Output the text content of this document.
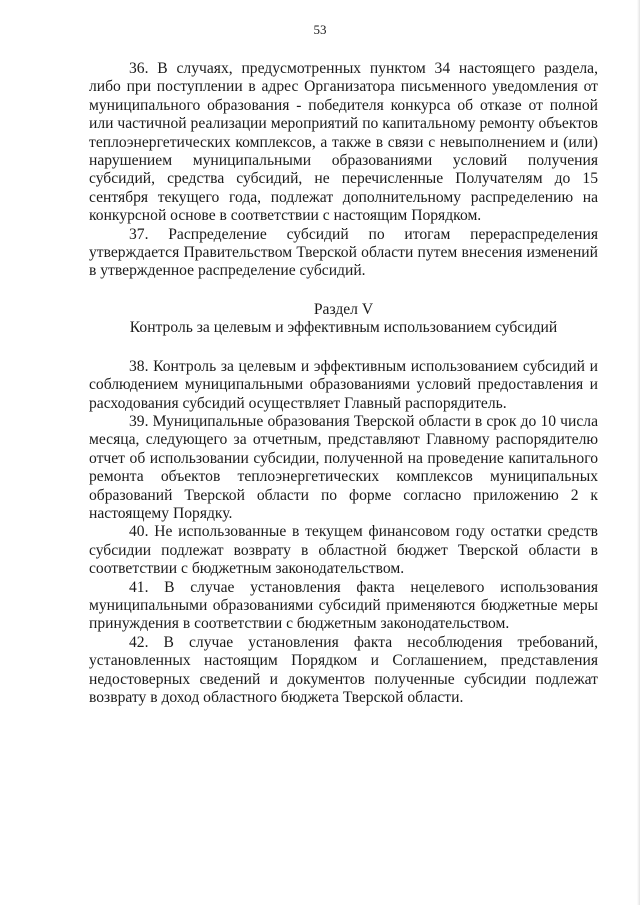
53

36. В случаях, предусмотренных пунктом 34 настоящего раздела, либо при поступлении в адрес Организатора письменного уведомления от муниципального образования - победителя конкурса об отказе от полной или частичной реализации мероприятий по капитальному ремонту объектов теплоэнергетических комплексов, а также в связи с невыполнением и (или) нарушением муниципальными образованиями условий получения субсидий, средства субсидий, не перечисленные Получателям до 15 сентября текущего года, подлежат дополнительному распределению на конкурсной основе в соответствии с настоящим Порядком.

37. Распределение субсидий по итогам перераспределения утверждается Правительством Тверской области путем внесения изменений в утвержденное распределение субсидий.

Раздел V

Контроль за целевым и эффективным использованием субсидий

38. Контроль за целевым и эффективным использованием субсидий и соблюдением муниципальными образованиями условий предоставления и расходования субсидий осуществляет Главный распорядитель.

39. Муниципальные образования Тверской области в срок до 10 числа месяца, следующего за отчетным, представляют Главному распорядителю отчет об использовании субсидии, полученной на проведение капитального ремонта объектов теплоэнергетических комплексов муниципальных образований Тверской области по форме согласно приложению 2 к настоящему Порядку.

40. Не использованные в текущем финансовом году остатки средств субсидии подлежат возврату в областной бюджет Тверской области в соответствии с бюджетным законодательством.

41. В случае установления факта нецелевого использования муниципальными образованиями субсидий применяются бюджетные меры принуждения в соответствии с бюджетным законодательством.

42. В случае установления факта несоблюдения требований, установленных настоящим Порядком и Соглашением, представления недостоверных сведений и документов полученные субсидии подлежат возврату в доход областного бюджета Тверской области.
